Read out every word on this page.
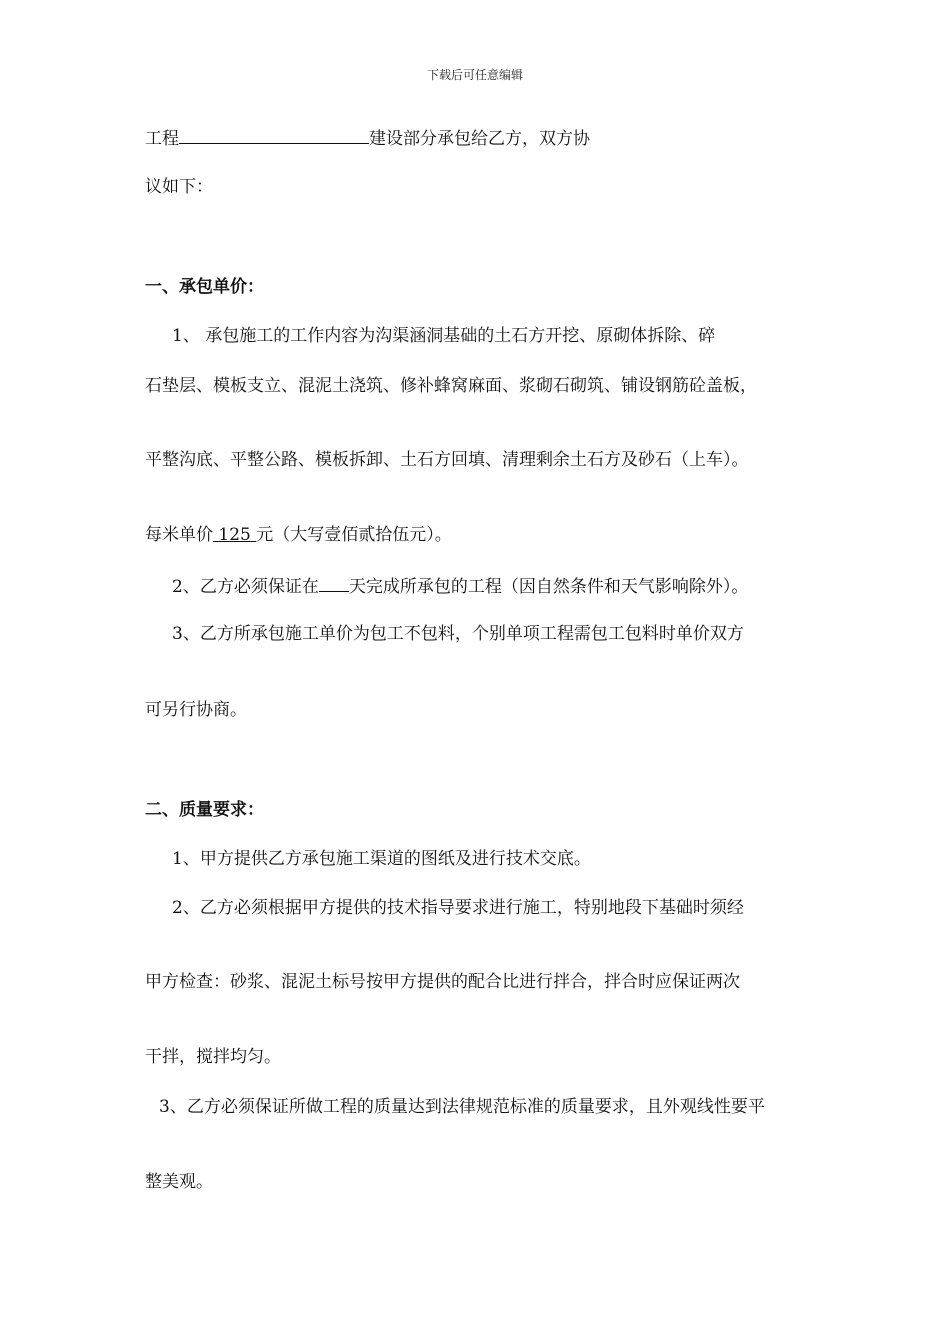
下载后可任意编辑
工程	建设部分承包给乙方，双方协
议如下：
一、承包单价：
1、 承包施工的工作内容为沟渠涵洞基础的土石方开挖、原砌体拆除、碎
石垫层、模板支立、混泥土浇筑、修补蜂窝麻面、浆砌石砌筑、铺设钢筋砼盖板，
平整沟底、平整公路、模板拆卸、土石方回填、清理剩余土石方及砂石（上车）。
每米单价 125 元（大写壹佰贰拾伍元）。
2、乙方必须保证在 天完成所承包的工程（因自然条件和天气影响除外）。
3、乙方所承包施工单价为包工不包料，个别单项工程需包工包料时单价双方
可另行协商。
二、质量要求：
1、甲方提供乙方承包施工渠道的图纸及进行技术交底。
2、乙方必须根据甲方提供的技术指导要求进行施工，特别地段下基础时须经
甲方检查：砂浆、混泥土标号按甲方提供的配合比进行拌合，拌合时应保证两次
干拌，搅拌均匀。
3、乙方必须保证所做工程的质量达到法律规范标准的质量要求，且外观线性要平
整美观。
